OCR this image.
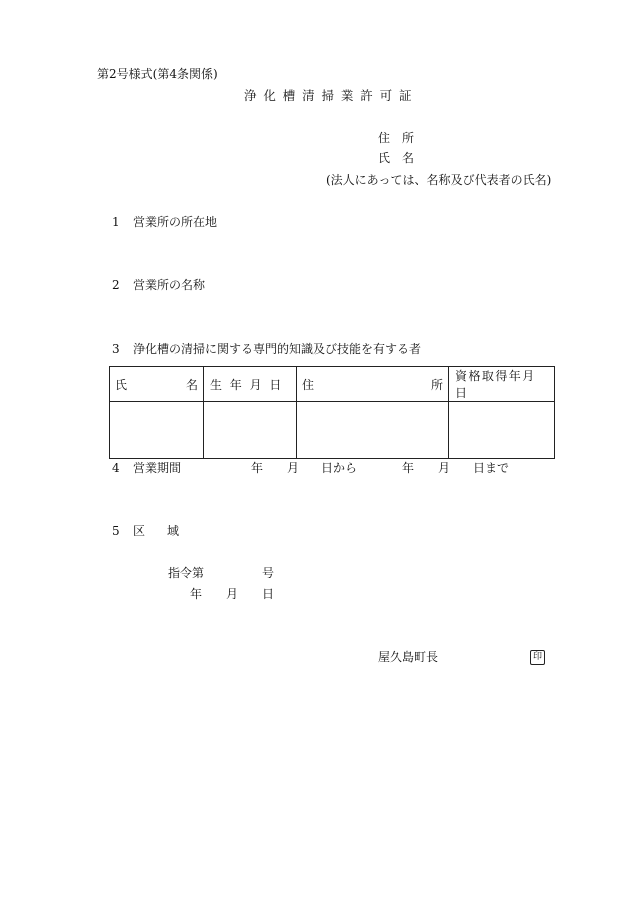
第2号様式(第4条関係)
浄化槽清掃業許可証
住　所
氏　名
(法人にあっては、名称及び代表者の氏名)
1 営業所の所在地
2 営業所の名称
3 浄化槽の清掃に関する専門的知識及び技能を有する者
氏 名	生年月日	住 所	資格取得年月日

4 営業期間	年 月 日から	年 月 日まで
5 区 域
指令第	号
年 月 日
屋久島町長	印
